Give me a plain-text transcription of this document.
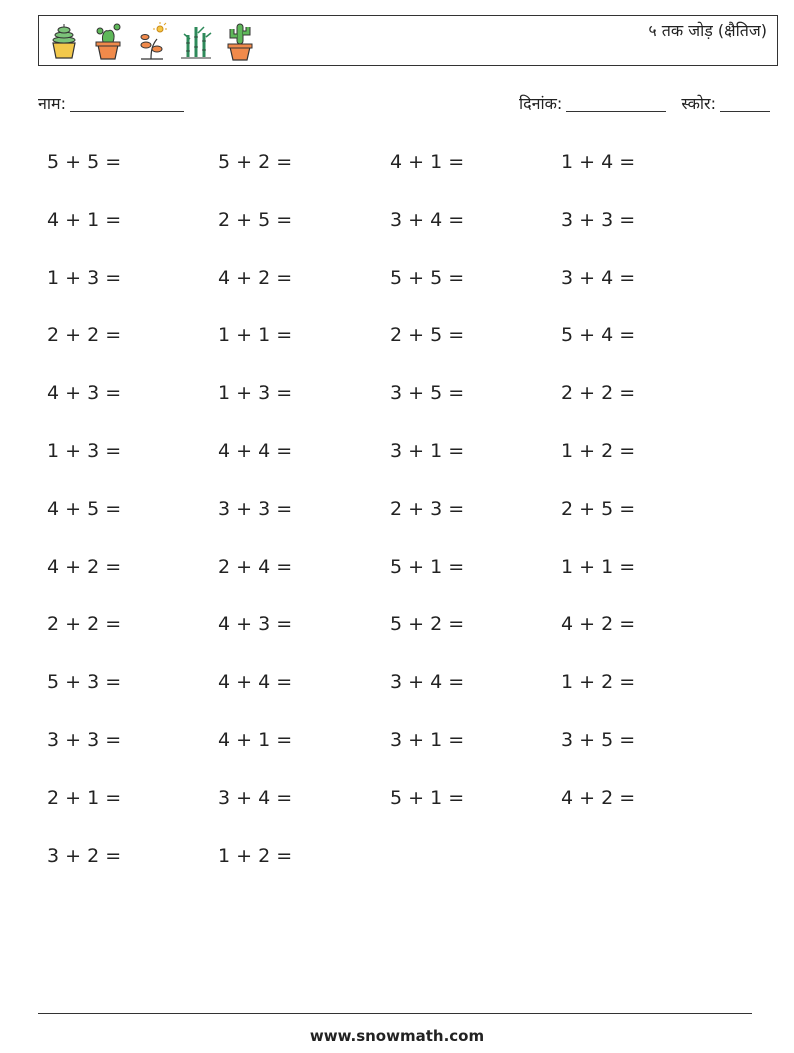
५ तक जोड़ (क्षैतिज)
नाम:	दिनांक:	स्कोर:
5 + 5 =	5 + 2 =	4 + 1 =	1 + 4 =
4 + 1 =	2 + 5 =	3 + 4 =	3 + 3 =
1 + 3 =	4 + 2 =	5 + 5 =	3 + 4 =
2 + 2 =	1 + 1 =	2 + 5 =	5 + 4 =
4 + 3 =	1 + 3 =	3 + 5 =	2 + 2 =
1 + 3 =	4 + 4 =	3 + 1 =	1 + 2 =
4 + 5 =	3 + 3 =	2 + 3 =	2 + 5 =
4 + 2 =	2 + 4 =	5 + 1 =	1 + 1 =
2 + 2 =	4 + 3 =	5 + 2 =	4 + 2 =
5 + 3 =	4 + 4 =	3 + 4 =	1 + 2 =
3 + 3 =	4 + 1 =	3 + 1 =	3 + 5 =
2 + 1 =	3 + 4 =	5 + 1 =	4 + 2 =
3 + 2 =	1 + 2 =
www.snowmath.com
